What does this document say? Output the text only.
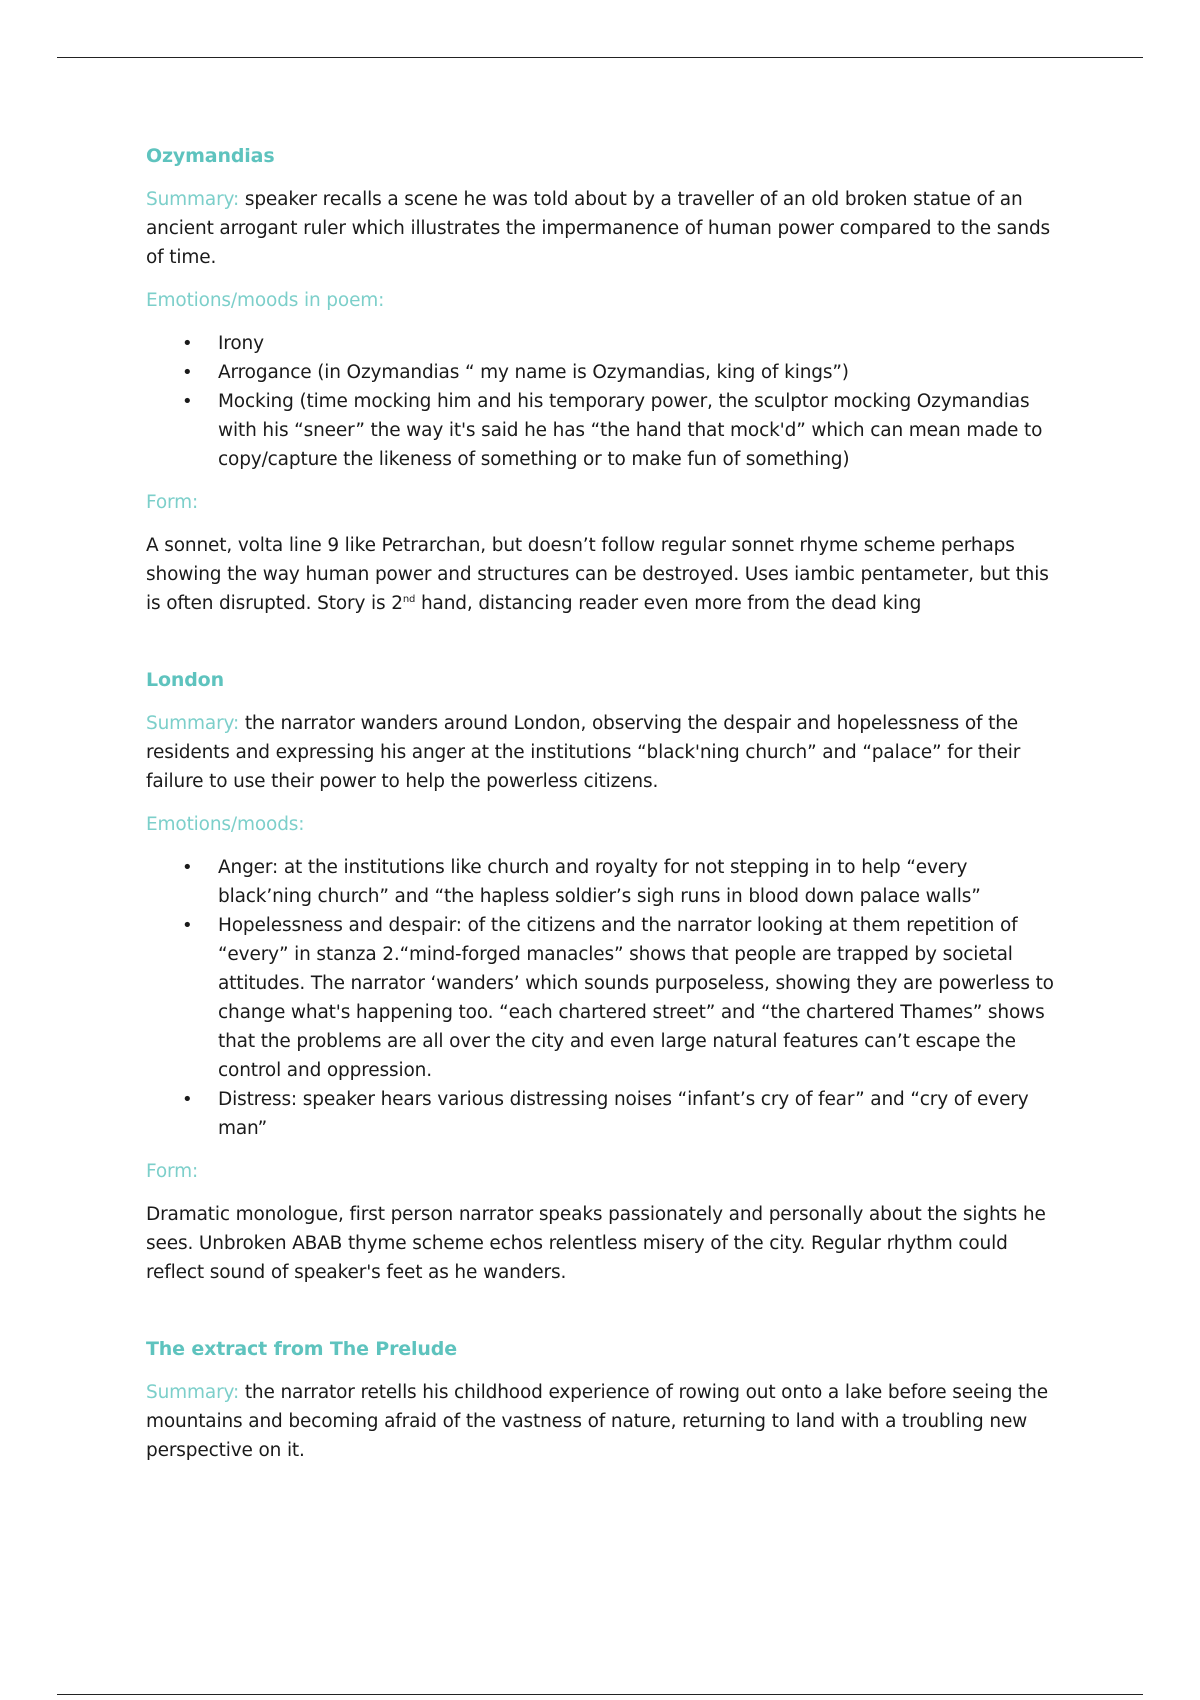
Ozymandias

Summary: speaker recalls a scene he was told about by a traveller of an old broken statue of an ancient arrogant ruler which illustrates the impermanence of human power compared to the sands of time.

Emotions/moods in poem:
• Irony
• Arrogance (in Ozymandias “ my name is Ozymandias, king of kings”)
• Mocking (time mocking him and his temporary power, the sculptor mocking Ozymandias with his “sneer” the way it's said he has “the hand that mock'd” which can mean made to copy/capture the likeness of something or to make fun of something)
Form:

A sonnet, volta line 9 like Petrarchan, but doesn’t follow regular sonnet rhyme scheme perhaps showing the way human power and structures can be destroyed. Uses iambic pentameter, but this is often disrupted. Story is 2nd hand, distancing reader even more from the dead king

London

Summary: the narrator wanders around London, observing the despair and hopelessness of the residents and expressing his anger at the institutions “black'ning church” and “palace” for their failure to use their power to help the powerless citizens.

Emotions/moods:
• Anger: at the institutions like church and royalty for not stepping in to help “every black’ning church” and “the hapless soldier’s sigh runs in blood down palace walls”
• Hopelessness and despair: of the citizens and the narrator looking at them repetition of “every” in stanza 2.“mind-forged manacles” shows that people are trapped by societal attitudes. The narrator ‘wanders’ which sounds purposeless, showing they are powerless to change what's happening too. “each chartered street” and “the chartered Thames” shows that the problems are all over the city and even large natural features can’t escape the control and oppression.
• Distress: speaker hears various distressing noises “infant’s cry of fear” and “cry of every man”
Form:

Dramatic monologue, first person narrator speaks passionately and personally about the sights he sees. Unbroken ABAB thyme scheme echos relentless misery of the city. Regular rhythm could reflect sound of speaker's feet as he wanders.

The extract from The Prelude

Summary: the narrator retells his childhood experience of rowing out onto a lake before seeing the mountains and becoming afraid of the vastness of nature, returning to land with a troubling new perspective on it.
